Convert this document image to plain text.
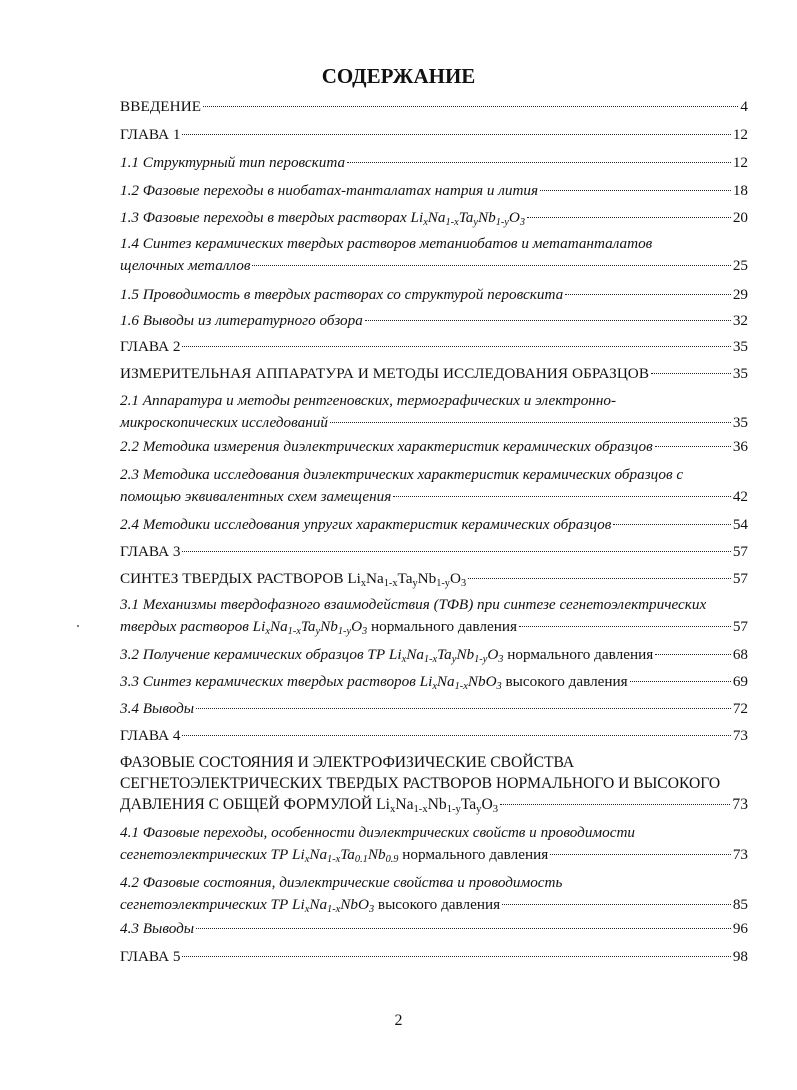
СОДЕРЖАНИЕ
ВВЕДЕНИЕ	4
ГЛАВА 1	12
1.1 Структурный тип перовскита	12
1.2 Фазовые переходы в ниобатах-танталатах натрия и лития	18
1.3 Фазовые переходы в твердых растворах $Li_xNa_{1-x}Ta_yNb_{1-y}O_3$	20
1.4 Синтез керамических твердых растворов метаниобатов и метатанталатов
щелочных металлов	25
1.5 Проводимость в твердых растворах со структурой перовскита	29
1.6 Выводы из литературного обзора	32
ГЛАВА 2	35
ИЗМЕРИТЕЛЬНАЯ АППАРАТУРА И МЕТОДЫ ИССЛЕДОВАНИЯ ОБРАЗЦОВ	35
2.1 Аппаратура и методы рентгеновских, термографических и электронно-
микроскопических исследований	35
2.2 Методика измерения диэлектрических характеристик керамических образцов	36
2.3 Методика исследования диэлектрических характеристик керамических образцов с
помощью эквивалентных схем замещения	42
2.4 Методики исследования упругих характеристик керамических образцов	54
ГЛАВА 3	57
СИНТЕЗ ТВЕРДЫХ РАСТВОРОВ $Li_xNa_{1-x}Ta_yNb_{1-y}O_3$	57
3.1 Механизмы твердофазного взаимодействия (ТФВ) при синтезе сегнетоэлектрических
твердых растворов $Li_xNa_{1-x}Ta_yNb_{1-y}O_3$ нормального давления	57
3.2 Получение керамических образцов ТР $Li_xNa_{1-x}Ta_yNb_{1-y}O_3$ нормального давления	68
3.3 Синтез керамических твердых растворов $Li_xNa_{1-x}NbO_3$ высокого давления	69
3.4 Выводы	72
ГЛАВА 4	73
ФАЗОВЫЕ СОСТОЯНИЯ И ЭЛЕКТРОФИЗИЧЕСКИЕ СВОЙСТВА
СЕГНЕТОЭЛЕКТРИЧЕСКИХ ТВЕРДЫХ РАСТВОРОВ НОРМАЛЬНОГО И ВЫСОКОГО
ДАВЛЕНИЯ С ОБЩЕЙ ФОРМУЛОЙ $Li_xNa_{1-x}Nb_{1-y}Ta_yO_3$	73
4.1 Фазовые переходы, особенности диэлектрических свойств и проводимости
сегнетоэлектрических ТР $Li_xNa_{1-x}Ta_{0.1}Nb_{0.9}$ нормального давления	73
4.2 Фазовые состояния, диэлектрические свойства и проводимость
сегнетоэлектрических ТР $Li_xNa_{1-x}NbO_3$ высокого давления	85
4.3 Выводы	96
ГЛАВА 5	98
2
